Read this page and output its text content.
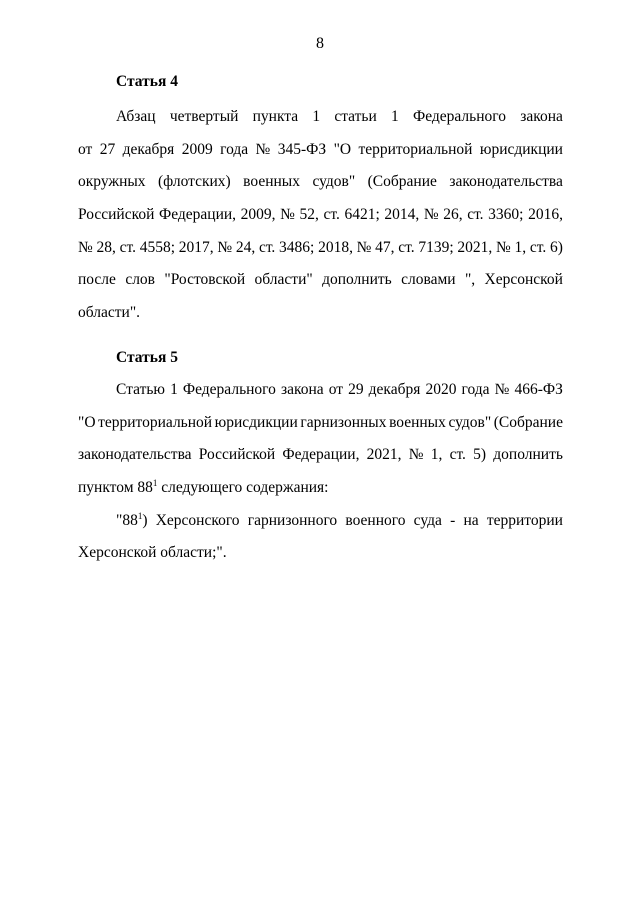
8
Статья 4
Абзац четвертый пункта 1 статьи 1 Федерального закона
от 27 декабря 2009 года № 345-ФЗ "О территориальной юрисдикции
окружных (флотских) военных судов" (Собрание законодательства
Российской Федерации, 2009, № 52, ст. 6421; 2014, № 26, ст. 3360; 2016,
№ 28, ст. 4558; 2017, № 24, ст. 3486; 2018, № 47, ст. 7139; 2021, № 1, ст. 6)
после слов "Ростовской области" дополнить словами ", Херсонской
области".
Статья 5
Статью 1 Федерального закона от 29 декабря 2020 года № 466-ФЗ
"О территориальной юрисдикции гарнизонных военных судов" (Собрание
законодательства Российской Федерации, 2021, № 1, ст. 5) дополнить
пунктом $88^1$ следующего содержания:
"$88^1$) Херсонского гарнизонного военного суда - на территории
Херсонской области;".
